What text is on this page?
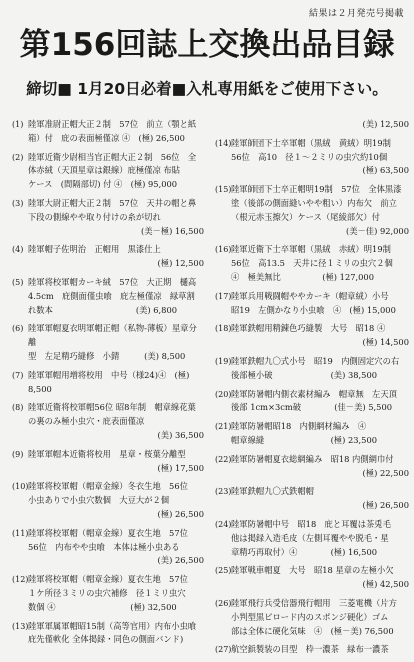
結果は２月発売号掲載
第156回誌上交換出品目録
締切■ 1月20日必着■入札専用紙をご使用下さい。
(1) 陸軍准尉正帽大正２制　57位　前立（顎と紙
箱）付　庇の表面極僅凉 ④　(極) 26,500
(2) 陸軍近衛少尉相当官正帽大正２制　56位　全
体赤絨（天頂星章は銀線）庇極僅凉 布貼
ケース　(間隔部切) 付 ④　(極) 95,000
(3) 陸軍大尉正帽大正２制　57位　天井の帽と鼻
下段の側線やや取り付けの糸が切れ
(美－極) 16,500
(4) 陸軍帽子佐明治　正帽用　黒漆仕上
(極) 12,500
(5) 陸軍将校軍帽カーキ絨　57位　大正期　樋高
4.5cm　庇側面僅虫喰　庇左極僅凉　緑草割
れ数本　　　　　　　　　　(美) 6,800
(6) 陸軍軍帽夏衣明軍帽正帽（私物-薄板）星章分離
型　左足精巧縫修　小錆　　　(美) 8,500
(7) 陸軍軍帽用増将校用　中号（様24)④　(極) 8,500
(8) 陸軍近衛将校軍帽56位 昭8年制　帽章線花葉
の裏のみ極小虫穴・庇表面僅凉
(美) 36,500
(9) 陸軍軍帽本近衛将校用　星章・桜葉分離型
(極) 17,500
(10) 陸軍将校軍帽（帽章金線）冬衣生地　56位
小虫ありで小虫穴数個　大豆大が２個
(極) 26,500
(11) 陸軍将校軍帽（帽章金線）夏衣生地　57位
56位　内布やや虫喰　本体は極小虫ある
(美) 26,500
(12) 陸軍将校軍帽（帽章金線）夏衣生地　57位
１ケ所径３ミリの虫穴補修　径１ミリ虫穴
数個 ④　　　　　　　　　(極) 32,500
(13) 陸軍軍属軍帽昭15制（高等官用）内布小虫喰
庇先僅軟化 全体掲録・同色の側面バンド)
(美) 12,500
(14) 陸軍師団下士卒軍帽（黒絨　黄絨）明19制
56位　高10　径１〜２ミリの虫穴約10個
(極) 63,500
(15) 陸軍師団下士卒正帽明19制　57位　全体黒漆
塗（後部の側面縫いやや粗い）内布欠　前立
（根元赤玉擦欠）ケース（尾綾部欠）付
(美－佳) 92,000
(16) 陸軍近衛下士卒軍帽（黒絨　赤絨）明19制
56位　高13.5　天井に径１ミリの虫穴２個
④　極美無比　　　　　(極) 127,000
(17) 陸軍兵用戦闘帽ややカーキ（帽章絨）小号
昭19　左側かなり小虫喰　④　(極) 15,000
(18) 陸軍鉄帽用精錬色巧縫製　大号　昭18 ④
(極) 14,500
(19) 陸軍鉄帽九〇式小号　昭19　内側固定穴の右
後部極小破　　　　　　　(美) 38,500
(20) 陸軍防暑帽内側衣素材編み　帽章無　左天頂
後部 1cm×3cm破　　　　(佳－美) 5,500
(21) 陸軍防暑帽昭18　内側網材編み　④
帽章線縫　　　　　　　　(極) 23,500
(22) 陸軍防暑帽夏衣総網編み　昭18 内側網巾付
(極) 22,500
(23) 陸軍鉄帽九〇式鉄帽帽
(極) 26,500
(24) 陸軍防暑帽中号　昭18　庇と耳覆は茶兎毛
他は掲録入造毛皮（左側耳覆やや脱毛・星
章精巧再取付）④　　　　(極) 16,500
(25) 陸軍戦車帽夏　大号　昭18 星章の左極小欠
(極) 42,500
(26) 陸軍飛行兵受信器飛行帽用　三菱電機（片方
小判型黒ピロード内のスポンジ硬化）ゴム
部は全体に硬化気味　④　(極－美) 76,500
(27) 航空鋲製装の目型　枠一濃茶　緑布一濃茶
